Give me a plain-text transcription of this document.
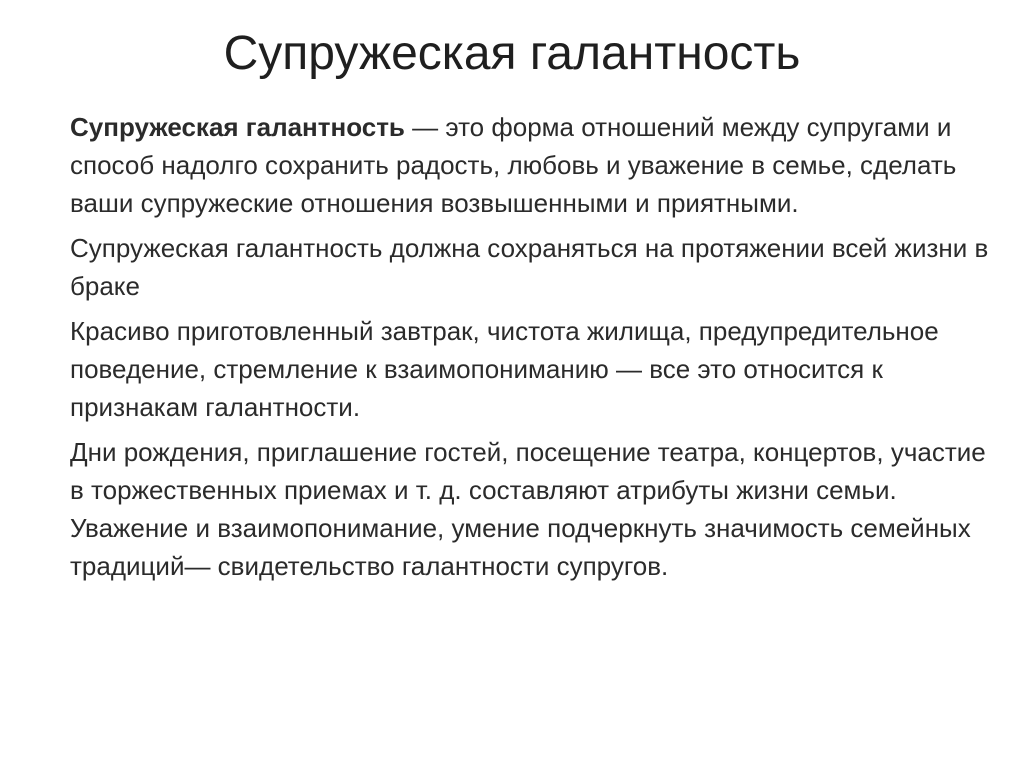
Супружеская галантность

Супружеская галантность — это форма отношений между супругами и способ надолго сохранить радость, любовь и уважение в семье, сделать ваши супружеские отношения возвышенными и приятными.

Супружеская галантность должна сохраняться на протяжении всей жизни в браке

Красиво приготовленный завтрак, чистота жилища, предупредительное поведение, стремление к взаимопониманию — все это относится к признакам галантности.

Дни рождения, приглашение гостей, посещение театра, концертов, участие в торжественных приемах и т. д. составляют атрибуты жизни семьи. Уважение и взаимопонимание, умение подчеркнуть значимость семейных традиций— свидетельство галантности супругов.
